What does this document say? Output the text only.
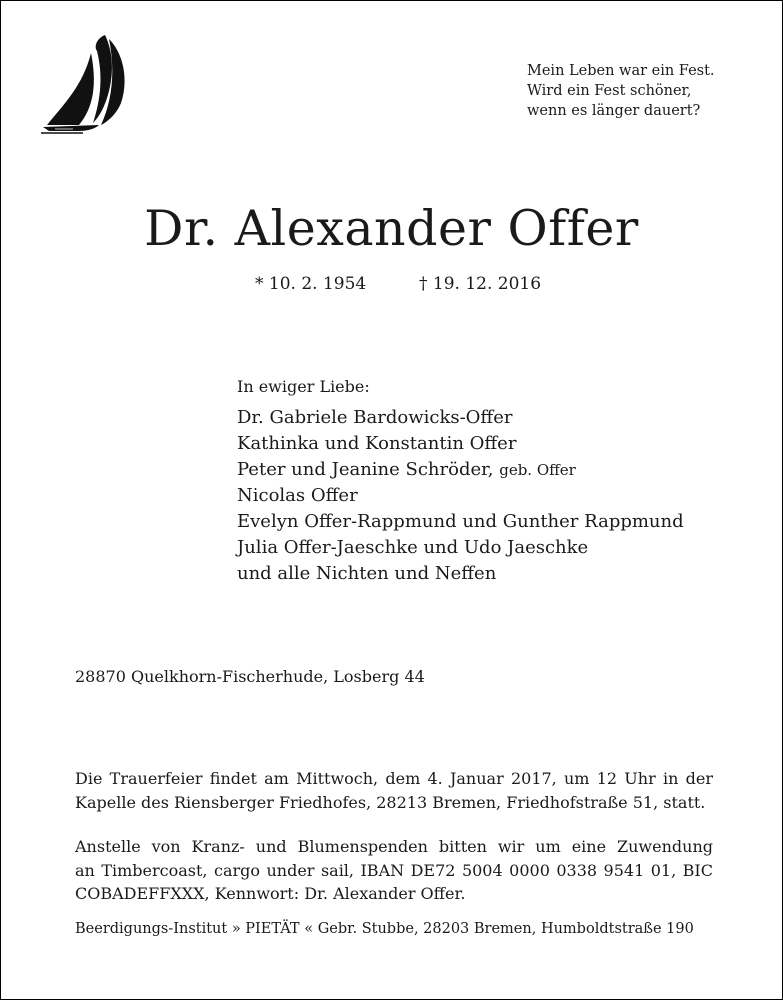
Mein Leben war ein Fest.
Wird ein Fest schöner,
wenn es länger dauert?
Dr. Alexander Offer
* 10. 2. 1954	† 19. 12. 2016
In ewiger Liebe:
Dr. Gabriele Bardowicks-Offer
Kathinka und Konstantin Offer
Peter und Jeanine Schröder, geb. Offer
Nicolas Offer
Evelyn Offer-Rappmund und Gunther Rappmund
Julia Offer-Jaeschke und Udo Jaeschke
und alle Nichten und Neffen
28870 Quelkhorn-Fischerhude, Losberg 44
Die Trauerfeier findet am Mittwoch, dem 4. Januar 2017, um 12 Uhr in der
Kapelle des Riensberger Friedhofes, 28213 Bremen, Friedhofstraße 51, statt.
Anstelle von Kranz- und Blumenspenden bitten wir um eine Zuwendung
an Timbercoast, cargo under sail, IBAN DE72 5004 0000 0338 9541 01, BIC
COBADEFFXXX, Kennwort: Dr. Alexander Offer.
Beerdigungs-Institut » PIETÄT « Gebr. Stubbe, 28203 Bremen, Humboldtstraße 190
